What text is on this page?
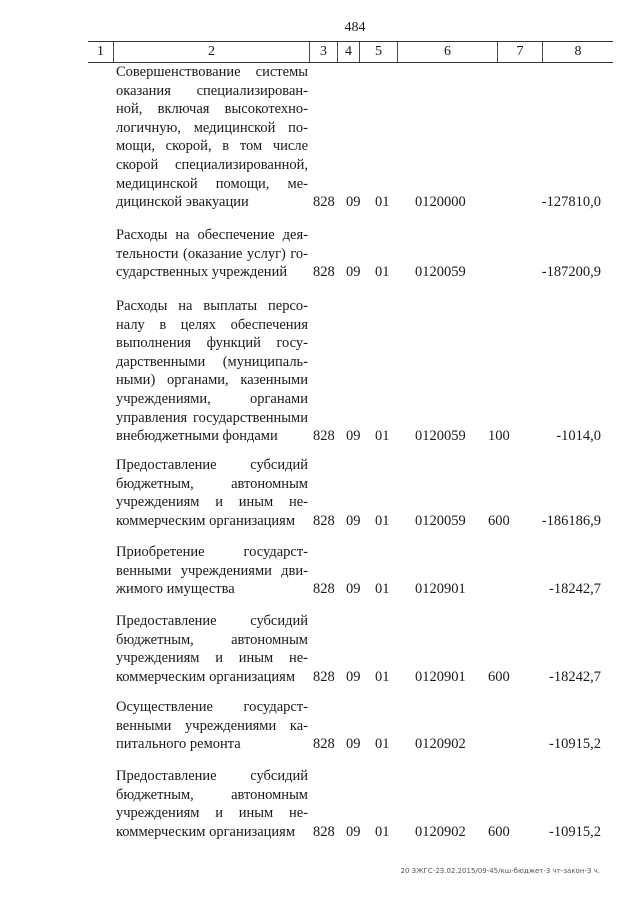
484
1	2	3	4	5	6	7	8
Совершенствование системы
оказания специализирован-
ной, включая высокотехно-
логичную, медицинской по-
мощи, скорой, в том числе
скорой специализированной,
медицинской помощи, ме-
дицинской эвакуации	828 09 01 0120000	-127810,0
Расходы на обеспечение дея-
тельности (оказание услуг) го-
сударственных учреждений	828 09 01 0120059	-187200,9
Расходы на выплаты персо-
налу в целях обеспечения
выполнения функций госу-
дарственными (муниципаль-
ными) органами, казенными
учреждениями, органами
управления государственными
внебюджетными фондами	828 09 01 0120059 100	-1014,0
Предоставление субсидий
бюджетным, автономным
учреждениям и иным не-
коммерческим организациям	828 09 01 0120059 600 -186186,9
Приобретение государст-
венными учреждениями дви-
жимого имущества	828 09 01 0120901	-18242,7
Предоставление субсидий
бюджетным, автономным
учреждениям и иным не-
коммерческим организациям	828 09 01 0120901 600	-18242,7
Осуществление государст-
венными учреждениями ка-
питального ремонта	828 09 01 0120902	-10915,2
Предоставление субсидий
бюджетным, автономным
учреждениям и иным не-
коммерческим организациям	828 09 01 0120902 600	-10915,2
20 ЗЖГС-23.02.2015/09-45/кш-бюджет-3 чт-закон-3 ч.
